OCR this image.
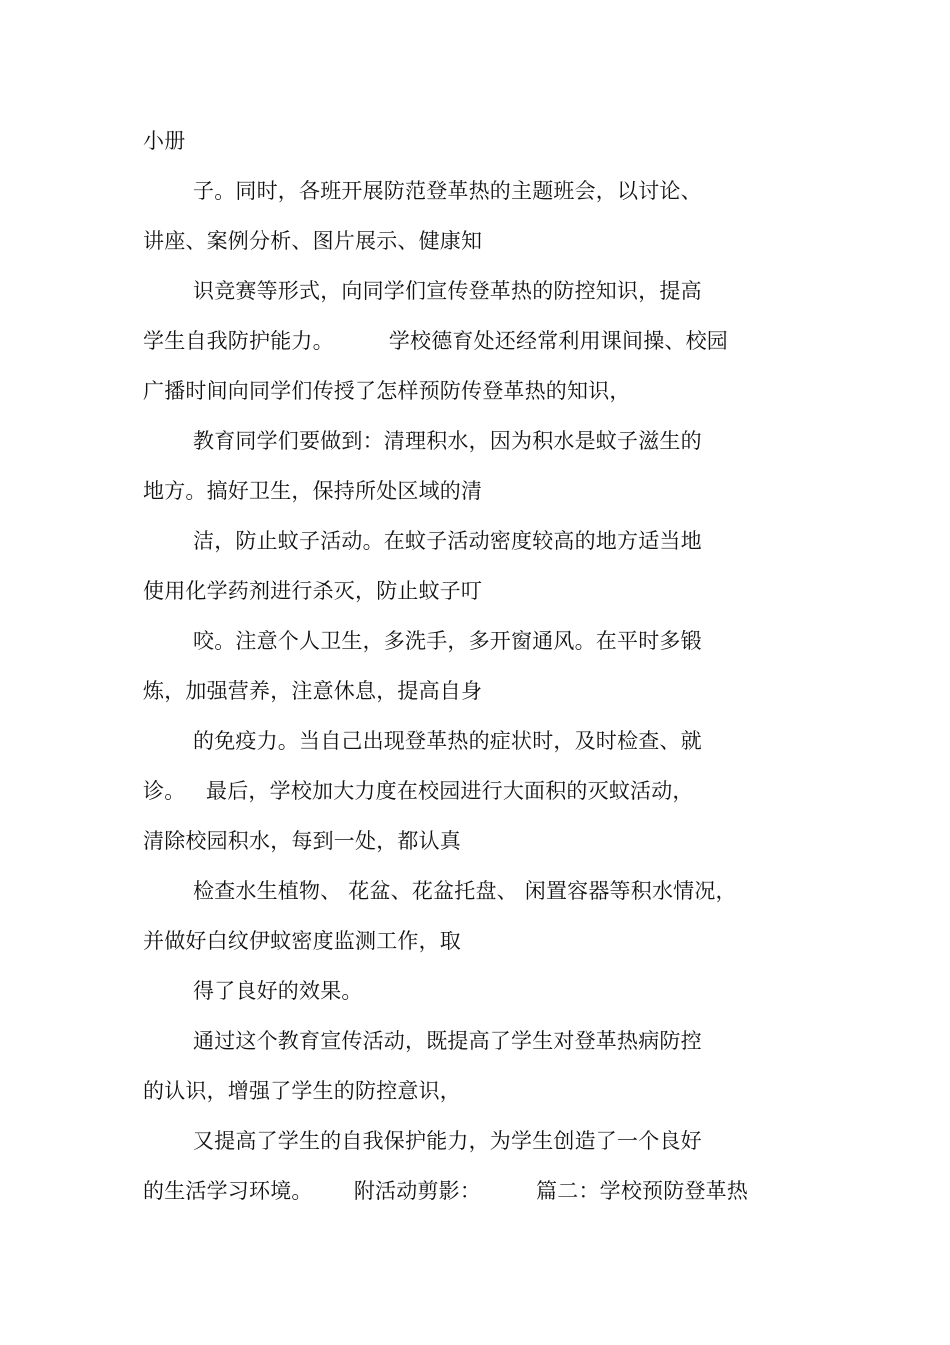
小册
子。同时，各班开展防范登革热的主题班会，以讨论、
讲座、案例分析、图片展示、健康知
识竞赛等形式，向同学们宣传登革热的防控知识，提高
学生自我防护能力。        学校德育处还经常利用课间操、校园
广播时间向同学们传授了怎样预防传登革热的知识，
教育同学们要做到：清理积水，因为积水是蚊子滋生的
地方。搞好卫生，保持所处区域的清
洁，防止蚊子活动。在蚊子活动密度较高的地方适当地
使用化学药剂进行杀灭，防止蚊子叮
咬。注意个人卫生，多洗手，多开窗通风。在平时多锻
炼，加强营养，注意休息，提高自身
的免疫力。当自己出现登革热的症状时，及时检查、就
诊。   最后，学校加大力度在校园进行大面积的灭蚊活动，
清除校园积水，每到一处，都认真
检查水生植物、 花盆、花盆托盘、 闲置容器等积水情况，
并做好白纹伊蚊密度监测工作，取
得了良好的效果。
通过这个教育宣传活动，既提高了学生对登革热病防控
的认识，增强了学生的防控意识，
又提高了学生的自我保护能力，为学生创造了一个良好
的生活学习环境。      附活动剪影：        篇二：学校预防登革热
